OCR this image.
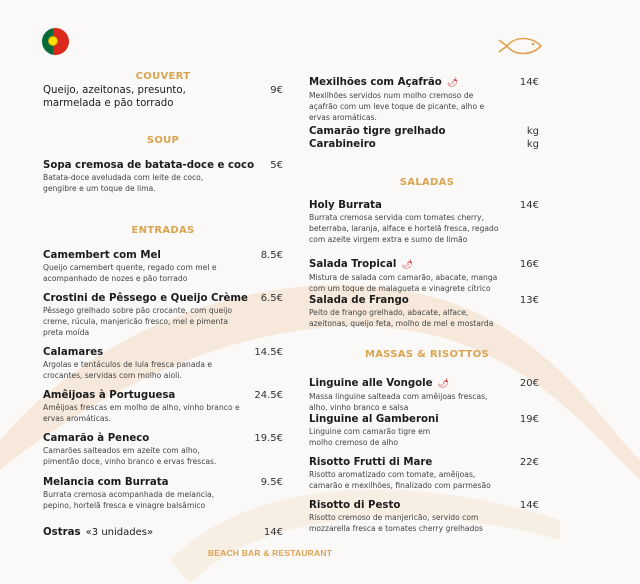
COUVERT
Queijo, azeitonas, presunto, marmelada e pão torrado
9€
SOUP
Sopa cremosa de batata-doce e coco 5€
Batata-doce aveludada com leite de coco, gengibre e um toque de lima.
ENTRADAS
Camembert com Mel	8.5€
Queijo camembert quente, regado com mel e acompanhado de nozes e pão torrado
Crostini de Pêssego e Queijo Crème 6.5€
Pêssego grelhado sobre pão crocante, com queijo creme, rúcula, manjericão fresco, mel e pimenta preta moída
Calamares	14.5€
Argolas e tentáculos de lula fresca panada e crocantes, servidas com molho aioli.
Amêijoas à Portuguesa	24.5€
Amêijoas frescas em molho de alho, vinho branco e ervas aromáticas.
Camarão à Peneco	19.5€
Camarões salteados em azeite com alho, pimentão doce, vinho branco e ervas frescas.
Melancia com Burrata	9.5€
Burrata cremosa acompanhada de melancia, pepino, hortelã fresca e vinagre balsâmico
Ostras «3 unidades»	14€
Mexilhões com Açafrão 🌶	14€
Mexilhões servidos num molho cremoso de açafrão com um leve toque de picante, alho e ervas aromáticas.
Camarão tigre grelhado	kg
Carabineiro	kg
SALADAS
Holy Burrata	14€
Burrata cremosa servida com tomates cherry, beterraba, laranja, alface e hortelã fresca, regado com azeite virgem extra e sumo de limão
Salada Tropical 🌶	16€
Mistura de salada com camarão, abacate, manga com um toque de malagueta e vinagrete cítrico
Salada de Frango	13€
Peito de frango grelhado, abacate, alface, azeitonas, queijo feta, molho de mel e mostarda
MASSAS & RISOTTOS
Linguine alle Vongole 🌶	20€
Massa linguine salteada com amêijoas frescas, alho, vinho branco e salsa
Linguine al Gamberoni	19€
Linguine com camarão tigre em molho cremoso de alho
Risotto Frutti di Mare	22€
Risotto aromatizado com tomate, amêijoas, camarão e mexilhões, finalizado com parmesão
Risotto di Pesto	14€
Risotto cremoso de manjericão, servido com mozzarella fresca e tomates cherry grelhados
BEACH BAR & RESTAURANT
